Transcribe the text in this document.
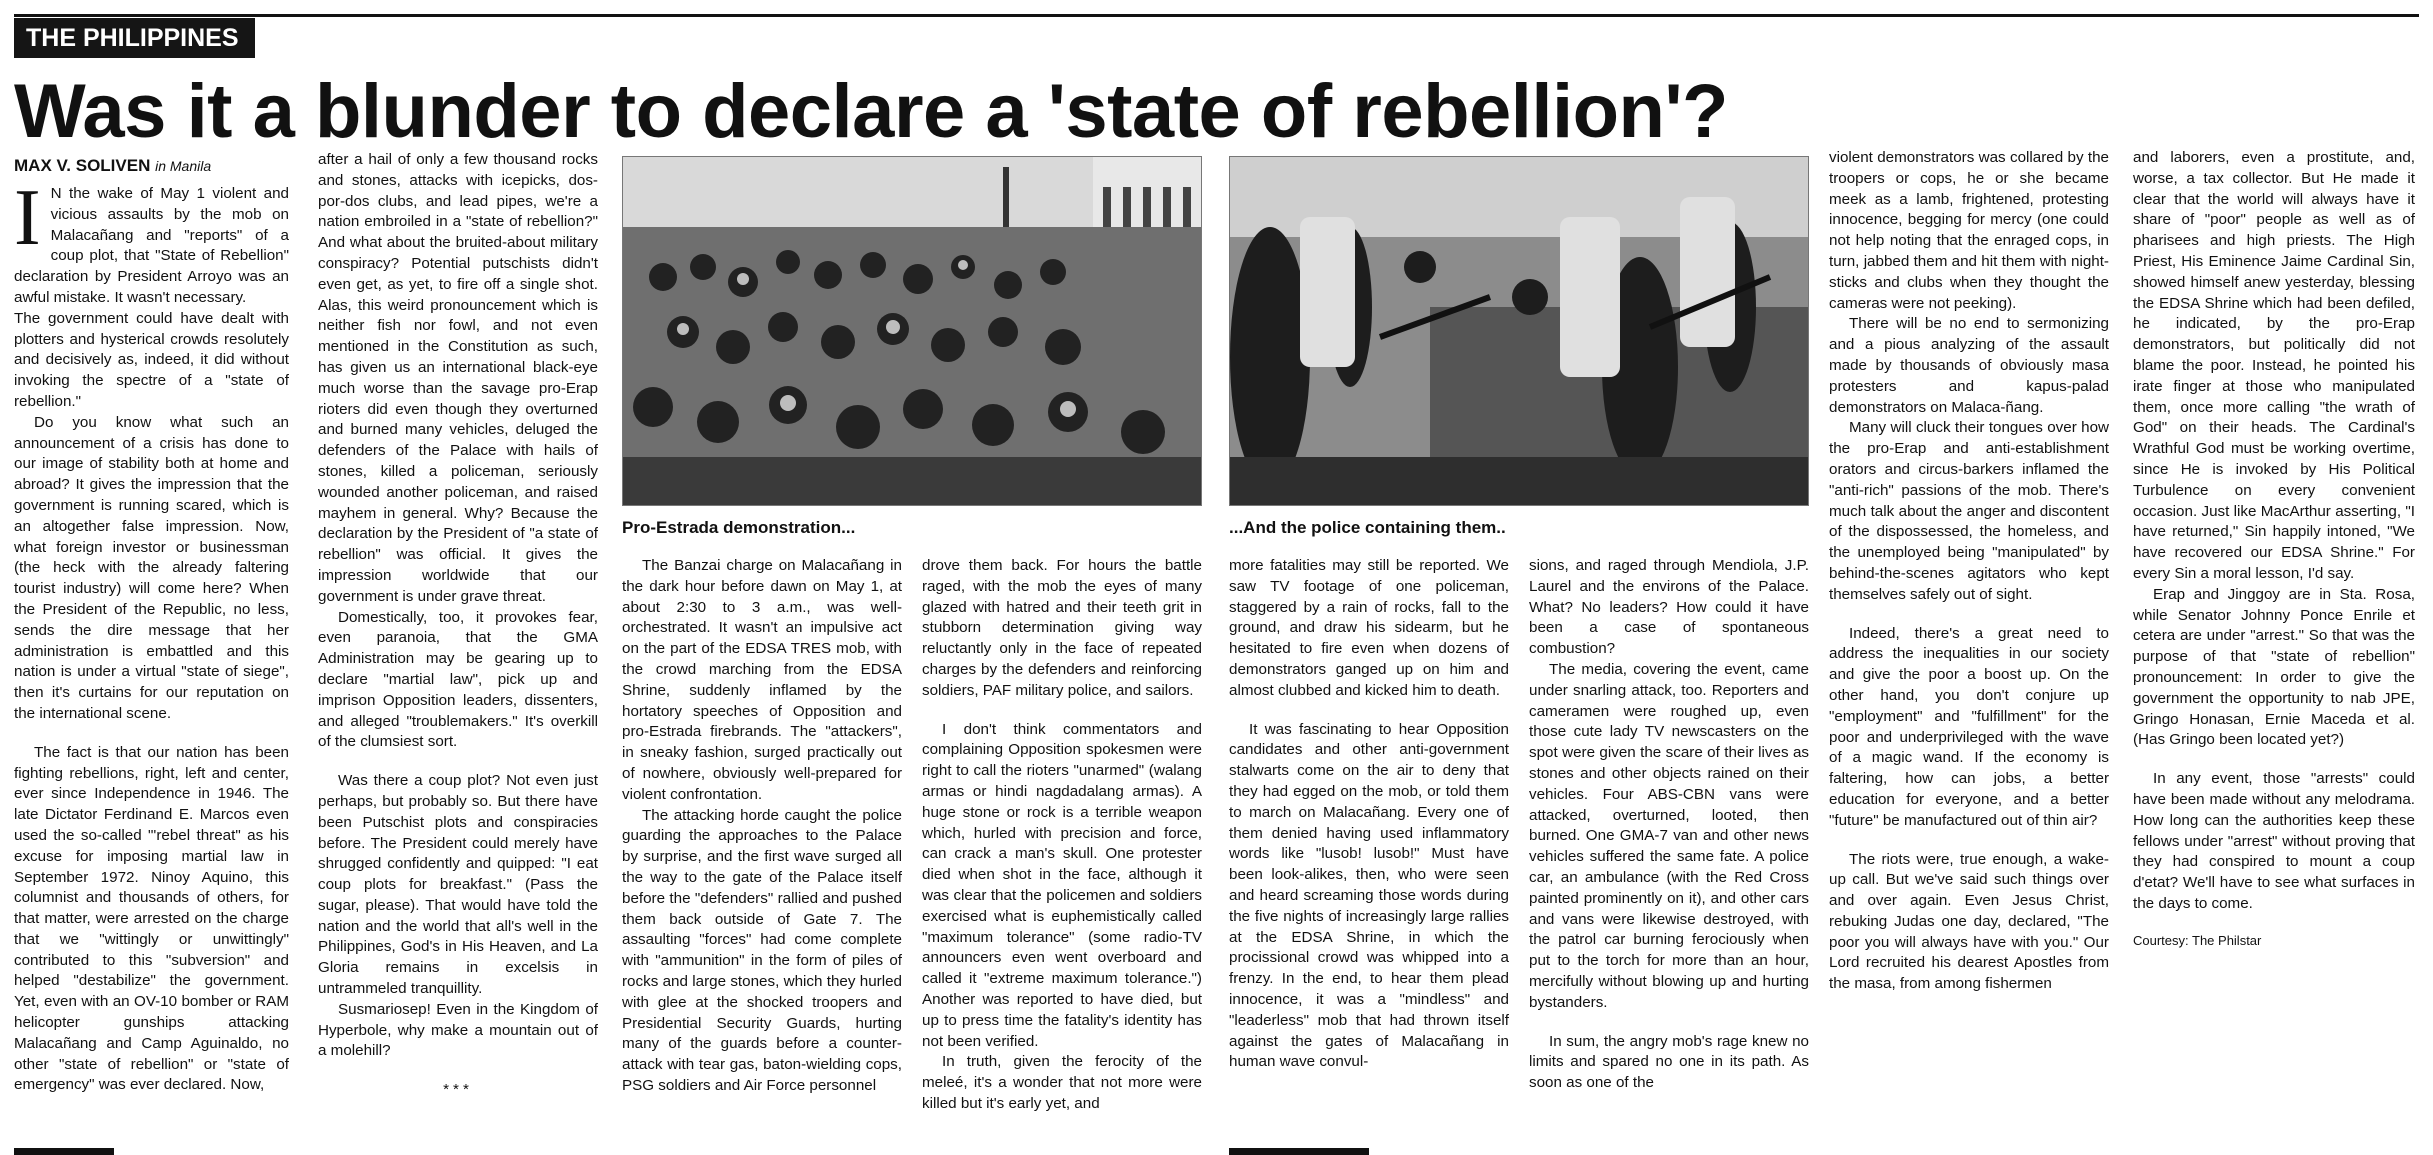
THE PHILIPPINES
Was it a blunder to declare a 'state of rebellion'?
MAX V. SOLIVEN in Manila
I N the wake of May 1 violent and vicious assaults by the mob on Malacañang and "reports" of a coup plot, that "State of Rebellion" declaration by President Arroyo was an awful mistake. It wasn't necessary.

The government could have dealt with plotters and hysterical crowds resolutely and decisively as, indeed, it did without invoking the spectre of a "state of rebellion."

Do you know what such an announcement of a crisis has done to our image of stability both at home and abroad? It gives the impression that the government is running scared, which is an altogether false impression. Now, what foreign investor or businessman (the heck with the already faltering tourist industry) will come here? When the President of the Republic, no less, sends the dire message that her administration is embattled and this nation is under a virtual "state of siege", then it's curtains for our reputation on the international scene.

The fact is that our nation has been fighting rebellions, right, left and center, ever since Independence in 1946. The late Dictator Ferdinand E. Marcos even used the so-called "'rebel threat" as his excuse for imposing martial law in September 1972. Ninoy Aquino, this columnist and thousands of others, for that matter, were arrested on the charge that we "wittingly or unwittingly" contributed to this "subversion" and helped "destabilize" the government. Yet, even with an OV-10 bomber or RAM helicopter gunships attacking Malacañang and Camp Aguinaldo, no other "state of rebellion" or "state of emergency" was ever declared. Now,

after a hail of only a few thousand rocks and stones, attacks with icepicks, dos-por-dos clubs, and lead pipes, we're a nation embroiled in a "state of rebellion?" And what about the bruited-about military conspiracy? Potential putschists didn't even get, as yet, to fire off a single shot. Alas, this weird pronouncement which is neither fish nor fowl, and not even mentioned in the Constitution as such, has given us an international black-eye much worse than the savage pro-Erap rioters did even though they overturned and burned many vehicles, deluged the defenders of the Palace with hails of stones, killed a policeman, seriously wounded another policeman, and raised mayhem in general. Why? Because the declaration by the President of "a state of rebellion" was official. It gives the impression worldwide that our government is under grave threat.

Domestically, too, it provokes fear, even paranoia, that the GMA Administration may be gearing up to declare "martial law", pick up and imprison Opposition leaders, dissenters, and alleged "troublemakers." It's overkill of the clumsiest sort.

Was there a coup plot? Not even just perhaps, but probably so. But there have been Putschist plots and conspiracies before. The President could merely have shrugged confidently and quipped: "I eat coup plots for breakfast." (Pass the sugar, please). That would have told the nation and the world that all's well in the Philippines, God's in His Heaven, and La Gloria remains in excelsis in untrammeled tranquillity.

Susmariosep! Even in the Kingdom of Hyperbole, why make a mountain out of a molehill?

***

Pro-Estrada demonstration...	...And the police containing them..

The Banzai charge on Malacañang in the dark hour before dawn on May 1, at about 2:30 to 3 a.m., was well-orchestrated. It wasn't an impulsive act on the part of the EDSA TRES mob, with the crowd marching from the EDSA Shrine, suddenly inflamed by the hortatory speeches of Opposition and pro-Estrada firebrands. The "attackers", in sneaky fashion, surged practically out of nowhere, obviously well-prepared for violent confrontation.

The attacking horde caught the police guarding the approaches to the Palace by surprise, and the first wave surged all the way to the gate of the Palace itself before the "defenders" rallied and pushed them back outside of Gate 7. The assaulting "forces" had come complete with "ammunition" in the form of piles of rocks and large stones, which they hurled with glee at the shocked troopers and Presidential Security Guards, hurting many of the guards before a counter-attack with tear gas, baton-wielding cops, PSG soldiers and Air Force personnel

drove them back. For hours the battle raged, with the mob the eyes of many glazed with hatred and their teeth grit in stubborn determination giving way reluctantly only in the face of repeated charges by the defenders and reinforcing soldiers, PAF military police, and sailors.

I don't think commentators and complaining Opposition spokesmen were right to call the rioters "unarmed" (walang armas or hindi nagdadalang armas). A huge stone or rock is a terrible weapon which, hurled with precision and force, can crack a man's skull. One protester died when shot in the face, although it was clear that the policemen and soldiers exercised what is euphemistically called "maximum tolerance" (some radio-TV announcers even went overboard and called it "extreme maximum tolerance.") Another was reported to have died, but up to press time the fatality's identity has not been verified.

In truth, given the ferocity of the meleé, it's a wonder that not more were killed but it's early yet, and

more fatalities may still be reported. We saw TV footage of one policeman, staggered by a rain of rocks, fall to the ground, and draw his sidearm, but he hesitated to fire even when dozens of demonstrators ganged up on him and almost clubbed and kicked him to death.

It was fascinating to hear Opposition candidates and other anti-government stalwarts come on the air to deny that they had egged on the mob, or told them to march on Malacañang. Every one of them denied having used inflammatory words like "lusob! lusob!" Must have been look-alikes, then, who were seen and heard screaming those words during the five nights of increasingly large rallies at the EDSA Shrine, in which the procissional crowd was whipped into a frenzy. In the end, to hear them plead innocence, it was a "mindless" and "leaderless" mob that had thrown itself against the gates of Malacañang in human wave convul-

sions, and raged through Mendiola, J.P. Laurel and the environs of the Palace. What? No leaders? How could it have been a case of spontaneous combustion?

The media, covering the event, came under snarling attack, too. Reporters and cameramen were roughed up, even those cute lady TV newscasters on the spot were given the scare of their lives as stones and other objects rained on their vehicles. Four ABS-CBN vans were attacked, overturned, looted, then burned. One GMA-7 van and other news vehicles suffered the same fate. A police car, an ambulance (with the Red Cross painted prominently on it), and other cars and vans were likewise destroyed, with the patrol car burning ferociously when put to the torch for more than an hour, mercifully without blowing up and hurting bystanders.

In sum, the angry mob's rage knew no limits and spared no one in its path. As soon as one of the

violent demonstrators was collared by the troopers or cops, he or she became meek as a lamb, frightened, protesting innocence, begging for mercy (one could not help noting that the enraged cops, in turn, jabbed them and hit them with night-sticks and clubs when they thought the cameras were not peeking).

There will be no end to sermonizing and a pious analyzing of the assault made by thousands of obviously masa protesters and kapus-palad demonstrators on Malaca-ñang.

Many will cluck their tongues over how the pro-Erap and anti-establishment orators and circus-barkers inflamed the "anti-rich" passions of the mob. There's much talk about the anger and discontent of the dispossessed, the homeless, and the unemployed being "manipulated" by behind-the-scenes agitators who kept themselves safely out of sight.

Indeed, there's a great need to address the inequalities in our society and give the poor a boost up. On the other hand, you don't conjure up "employment" and "fulfillment" for the poor and underprivileged with the wave of a magic wand. If the economy is faltering, how can jobs, a better education for everyone, and a better "future" be manufactured out of thin air?

The riots were, true enough, a wake-up call. But we've said such things over and over again. Even Jesus Christ, rebuking Judas one day, declared, "The poor you will always have with you." Our Lord recruited his dearest Apostles from the masa, from among fishermen

and laborers, even a prostitute, and, worse, a tax collector. But He made it clear that the world will always have it share of "poor" people as well as of pharisees and high priests. The High Priest, His Eminence Jaime Cardinal Sin, showed himself anew yesterday, blessing the EDSA Shrine which had been defiled, he indicated, by the pro-Erap demonstrators, but politically did not blame the poor. Instead, he pointed his irate finger at those who manipulated them, once more calling "the wrath of God" on their heads. The Cardinal's Wrathful God must be working overtime, since He is invoked by His Political Turbulence on every convenient occasion. Just like MacArthur asserting, "I have returned," Sin happily intoned, "We have recovered our EDSA Shrine." For every Sin a moral lesson, I'd say.

Erap and Jinggoy are in Sta. Rosa, while Senator Johnny Ponce Enrile et cetera are under "arrest." So that was the purpose of that "state of rebellion" pronouncement: In order to give the government the opportunity to nab JPE, Gringo Honasan, Ernie Maceda et al. (Has Gringo been located yet?)

In any event, those "arrests" could have been made without any melodrama. How long can the authorities keep these fellows under "arrest" without proving that they had conspired to mount a coup d'etat? We'll have to see what surfaces in the days to come.

Courtesy: The Philstar
